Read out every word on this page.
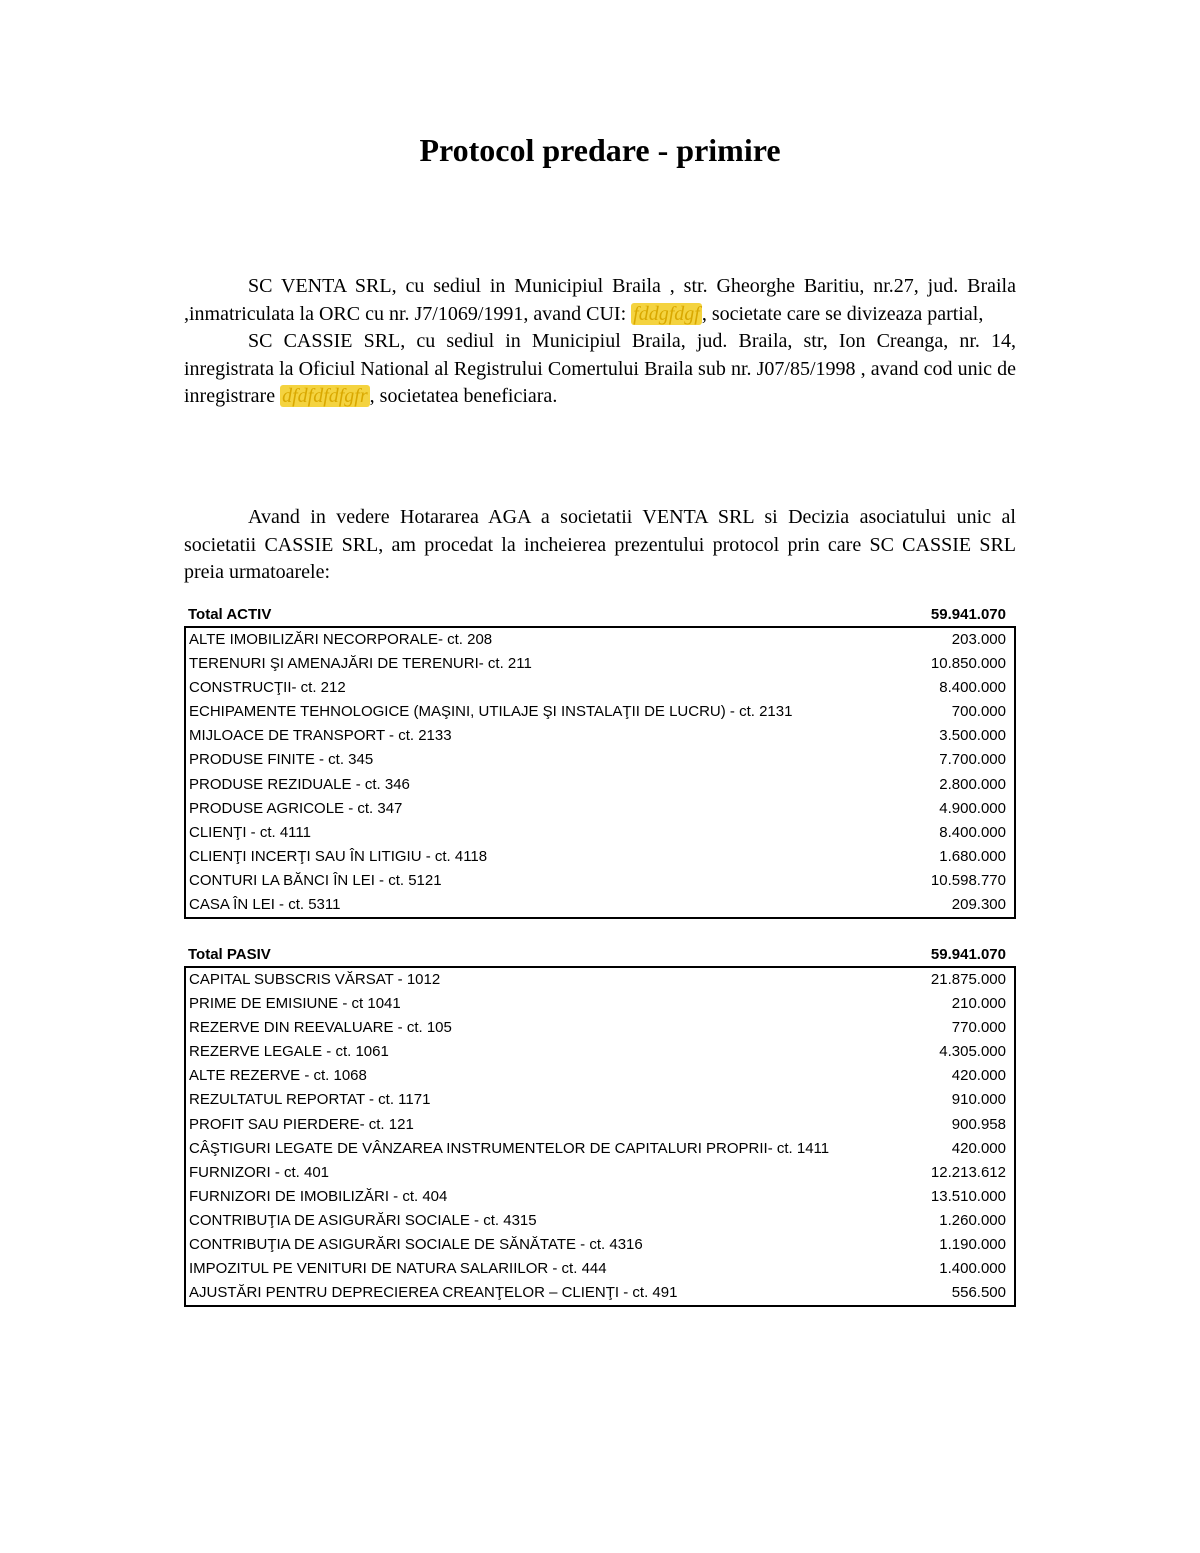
Protocol predare - primire

SC VENTA SRL, cu sediul in Municipiul Braila , str. Gheorghe Baritiu, nr.27, jud. Braila ,inmatriculata la ORC cu nr. J7/1069/1991, avand CUI: fddgfdgf , societate care se divizeaza partial,

SC CASSIE SRL, cu sediul in Municipiul Braila, jud. Braila, str, Ion Creanga, nr. 14, inregistrata la Oficiul National al Registrului Comertului Braila sub nr. J07/85/1998 , avand cod unic de inregistrare dfdfdfdfgfr , societatea beneficiara.

Avand in vedere Hotararea AGA a societatii VENTA SRL si Decizia asociatului unic al societatii CASSIE SRL, am procedat la incheierea prezentului protocol prin care SC CASSIE SRL preia urmatoarele:

Total ACTIV	59.941.070
ALTE IMOBILIZĂRI NECORPORALE- ct. 208	203.000
TERENURI ŞI AMENAJĂRI DE TERENURI- ct. 211	10.850.000
CONSTRUCŢII- ct. 212	8.400.000
ECHIPAMENTE TEHNOLOGICE (MAŞINI, UTILAJE ŞI INSTALAŢII DE LUCRU) - ct. 2131	700.000
MIJLOACE DE TRANSPORT - ct. 2133	3.500.000
PRODUSE FINITE - ct. 345	7.700.000
PRODUSE REZIDUALE - ct. 346	2.800.000
PRODUSE AGRICOLE - ct. 347	4.900.000
CLIENŢI - ct. 4111	8.400.000
CLIENŢI INCERŢI SAU ÎN LITIGIU - ct. 4118	1.680.000
CONTURI LA BĂNCI ÎN LEI - ct. 5121	10.598.770
CASA ÎN LEI - ct. 5311	209.300
Total PASIV	59.941.070
CAPITAL SUBSCRIS VĂRSAT - 1012	21.875.000
PRIME DE EMISIUNE - ct 1041	210.000
REZERVE DIN REEVALUARE - ct. 105	770.000
REZERVE LEGALE - ct. 1061	4.305.000
ALTE REZERVE - ct. 1068	420.000
REZULTATUL REPORTAT - ct. 1171	910.000
PROFIT SAU PIERDERE- ct. 121	900.958
CÂŞTIGURI LEGATE DE VÂNZAREA INSTRUMENTELOR DE CAPITALURI PROPRII- ct. 1411	420.000
FURNIZORI - ct. 401	12.213.612
FURNIZORI DE IMOBILIZĂRI - ct. 404	13.510.000
CONTRIBUŢIA DE ASIGURĂRI SOCIALE - ct. 4315	1.260.000
CONTRIBUŢIA DE ASIGURĂRI SOCIALE DE SĂNĂTATE - ct. 4316	1.190.000
IMPOZITUL PE VENITURI DE NATURA SALARIILOR - ct. 444	1.400.000
AJUSTĂRI PENTRU DEPRECIEREA CREANŢELOR – CLIENŢI - ct. 491	556.500
